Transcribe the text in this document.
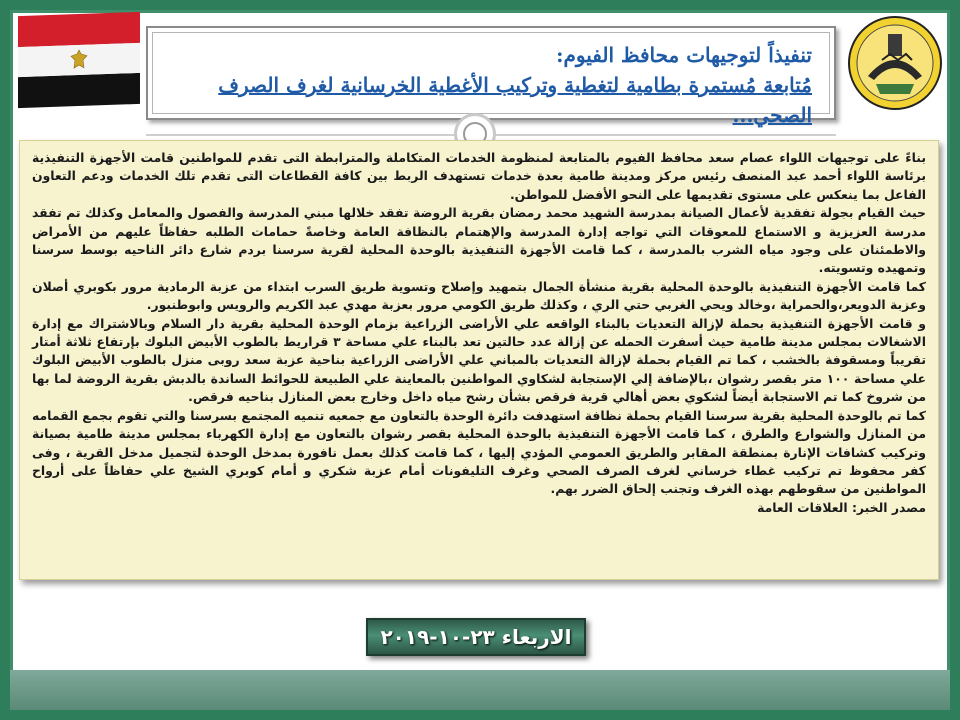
تنفيذاً لتوجيهات محافظ الفيوم:
مُتابعة مُستمرة بطامية لتغطية وتركيب الأغطية الخرسانية لغرف الصرف الصحي...

بناءً على توجيهات اللواء عصام سعد محافظ الفيوم بالمتابعة لمنظومة الخدمات المتكاملة والمترابطة التى تقدم للمواطنين قامت الأجهزة التنفيذية برئاسة اللواء أحمد عبد المنصف رئيس مركز ومدينة طامية بعدة خدمات تستهدف الربط بين كافة القطاعات التى تقدم تلك الخدمات ودعم التعاون الفاعل بما ينعكس على مستوى تقديمها على النحو الأفضل للمواطن.

حيث القيام بجولة تفقدية لأعمال الصيانة بمدرسة الشهيد محمد رمضان بقرية الروضة تفقد خلالها مبني المدرسة والفصول والمعامل وكذلك تم تفقد مدرسة العزيزية و الاستماع للمعوقات التي تواجه إدارة المدرسة والإهتمام بالنظافة العامة وخاصةً حمامات الطلبه حفاظاً عليهم من الأمراض والاطمئنان على وجود مياه الشرب بالمدرسة ، كما قامت الأجهزة التنفيذية بالوحدة المحلية لقرية سرسنا بردم شارع دائر الناحيه بوسط سرسنا وتمهيده وتسويته.

كما قامت الأجهزة التنفيذية بالوحدة المحلية بقرية منشأة الجمال بتمهيد وإصلاح وتسوية طريق السرب ابتداء من عزبة الرمادية مرور بكوبري أصلان وعزبة الدويعر،والحمراية ،وخالد ويحي الغربي حتي الري ، وكذلك طريق الكومي مرور بعزبة مهدي عبد الكريم والرويس وابوطنبور.

و قامت الأجهزة التنفيذية بحملة لإزالة التعديات بالبناء الواقعه علي الأراضى الزراعية بزمام الوحدة المحلية بقرية دار السلام وبالاشتراك مع إدارة الاشغالات بمجلس مدينة طامية حيث أسفرت الحمله عن إزالة عدد حالتين تعد بالبناء علي مساحة ٣ قراريط بالطوب الأبيض البلوك بإرتفاع ثلاثة أمتار تقريباً ومسقوفة بالخشب ، كما تم القيام بحملة لإزالة التعديات بالمباني علي الأراضى الزراعية بناحية عزبة سعد روبى منزل بالطوب الأبيض البلوك علي مساحة ١٠٠ متر بقصر رشوان ،بالإضافة إلي الإستجابة لشكاوي المواطنين بالمعاينة علي الطبيعة للحوائط الساندة بالدبش بقرية الروضة لما بها من شروخ كما تم الاستجابة أيضاً لشكوي بعض أهالي قرية فرقص بشأن رشح مياه داخل وخارج بعض المنازل بناحيه فرقص.

كما تم بالوحدة المحلية بقرية سرسنا القيام بحملة نظافة استهدفت دائرة الوحدة بالتعاون مع جمعيه تنميه المجتمع بسرسنا والتي تقوم بجمع القمامه من المنازل والشوارع والطرق ، كما قامت الأجهزة التنفيذية بالوحدة المحلية بقصر رشوان بالتعاون مع إدارة الكهرباء بمجلس مدينة طامية بصيانة وتركيب كشافات الإنارة بمنطقة المقابر والطريق العمومي المؤدي إليها ، كما قامت كذلك بعمل نافورة بمدخل الوحدة لتجميل مدخل القرية ، وفى كفر محفوظ تم تركيب غطاء خرساني لغرف الصرف الصحي وغرف التليفونات أمام عزبة شكري و أمام كوبري الشيخ علي حفاظاً على أرواح المواطنين من سقوطهم بهذه الغرف وتجنب إلحاق الضرر بهم.

مصدر الخبر: العلاقات العامة

الاربعاء ٢٣-١٠-٢٠١٩
